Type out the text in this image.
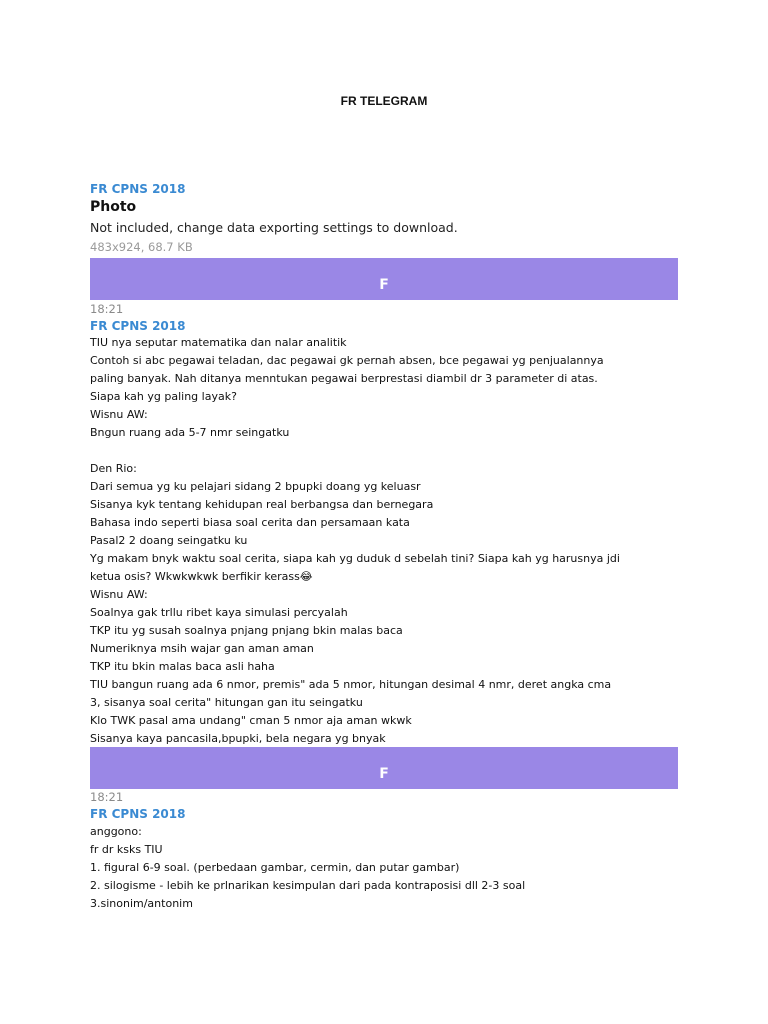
FR TELEGRAM
FR CPNS 2018
Photo
Not included, change data exporting settings to download.
483x924, 68.7 KB
F
18:21
FR CPNS 2018
TIU nya seputar matematika dan nalar analitik
Contoh si abc pegawai teladan, dac pegawai gk pernah absen, bce pegawai yg penjualannya
paling banyak. Nah ditanya menntukan pegawai berprestasi diambil dr 3 parameter di atas.
Siapa kah yg paling layak?
Wisnu AW:
Bngun ruang ada 5-7 nmr seingatku
Den Rio:
Dari semua yg ku pelajari sidang 2 bpupki doang yg keluasr
Sisanya kyk tentang kehidupan real berbangsa dan bernegara
Bahasa indo seperti biasa soal cerita dan persamaan kata
Pasal2 2 doang seingatku ku
Yg makam bnyk waktu soal cerita, siapa kah yg duduk d sebelah tini? Siapa kah yg harusnya jdi
ketua osis? Wkwkwkwk berfikir kerass😂
Wisnu AW:
Soalnya gak trllu ribet kaya simulasi percyalah
TKP itu yg susah soalnya pnjang pnjang bkin malas baca
Numeriknya msih wajar gan aman aman
TKP itu bkin malas baca asli haha
TIU bangun ruang ada 6 nmor, premis" ada 5 nmor, hitungan desimal 4 nmr, deret angka cma
3, sisanya soal cerita" hitungan gan itu seingatku
Klo TWK pasal ama undang" cman 5 nmor aja aman wkwk
Sisanya kaya pancasila,bpupki, bela negara yg bnyak
F
18:21
FR CPNS 2018
anggono:
fr dr ksks TIU
1. figural 6-9 soal. (perbedaan gambar, cermin, dan putar gambar)
2. silogisme - lebih ke prlnarikan kesimpulan dari pada kontraposisi dll 2-3 soal
3.sinonim/antonim
